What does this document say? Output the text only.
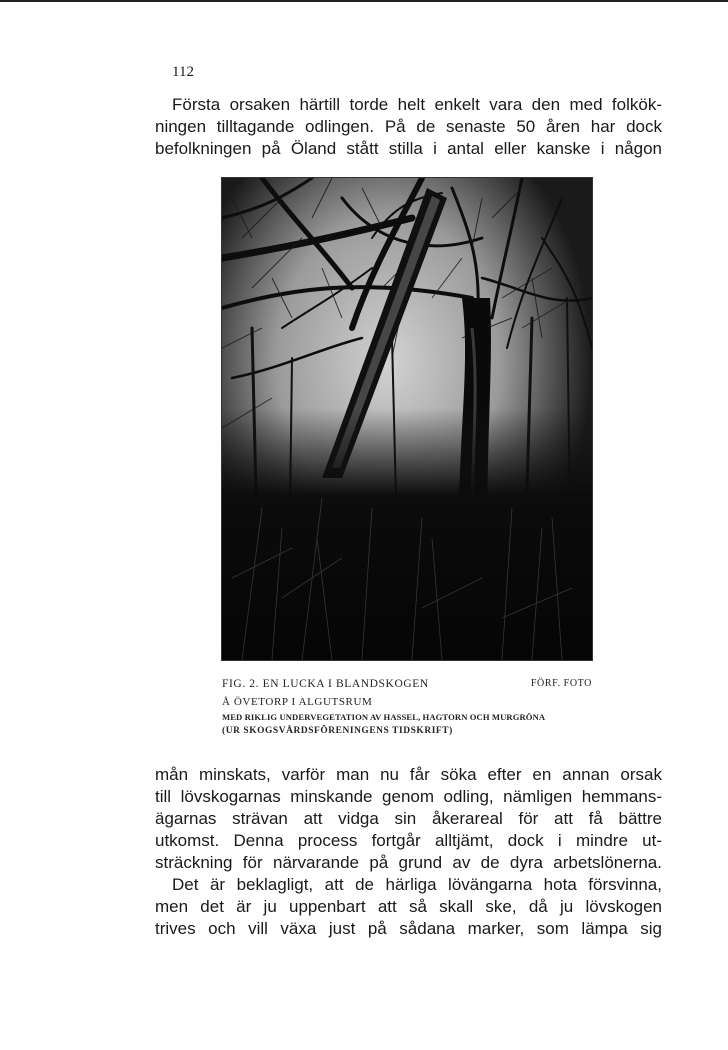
112
Första orsaken härtill torde helt enkelt vara den med folkök-
ningen tilltagande odlingen. På de senaste 50 åren har dock
befolkningen på Öland stått stilla i antal eller kanske i någon
FIG. 2. EN LUCKA I BLANDSKOGEN	FÖRF. FOTO
Å ÖVETORP I ALGUTSRUM
MED RIKLIG UNDERVEGETATION AV HASSEL, HAGTORN OCH MURGRÖNA
(UR SKOGSVÅRDSFÖRENINGENS TIDSKRIFT)
mån minskats, varför man nu får söka efter en annan orsak
till lövskogarnas minskande genom odling, nämligen hemmans-
ägarnas strävan att vidga sin åkerareal för att få bättre
utkomst. Denna process fortgår alltjämt, dock i mindre ut-
sträckning för närvarande på grund av de dyra arbetslönerna.
Det är beklagligt, att de härliga lövängarna hota försvinna,
men det är ju uppenbart att så skall ske, då ju lövskogen
trives och vill växa just på sådana marker, som lämpa sig
